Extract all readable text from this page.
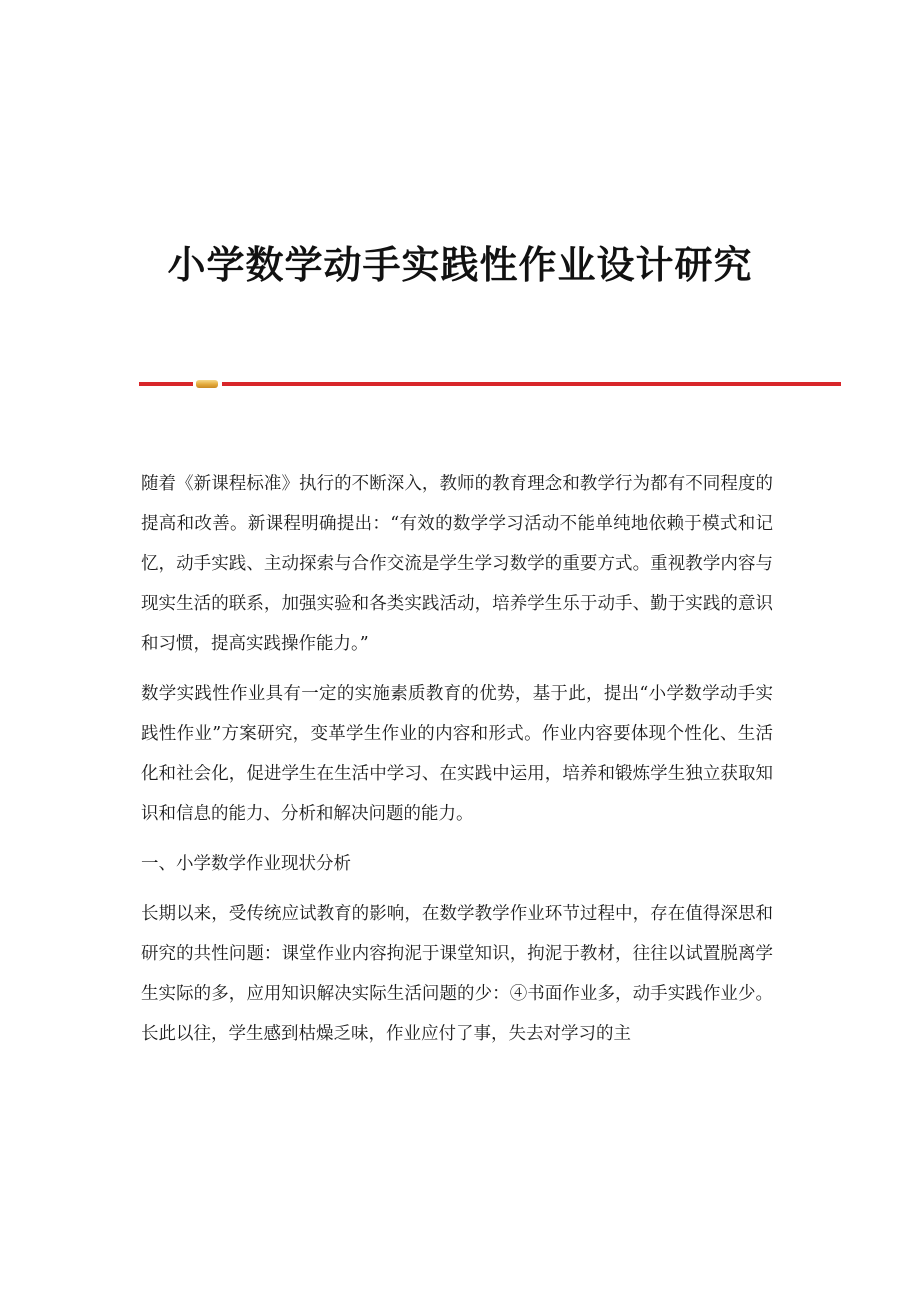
小学数学动手实践性作业设计研究

随着《新课程标准》执行的不断深入，教师的教育理念和教学行为都有不同程度的提高和改善。新课程明确提出：“有效的数学学习活动不能单纯地依赖于模式和记忆，动手实践、主动探索与合作交流是学生学习数学的重要方式。重视教学内容与现实生活的联系，加强实验和各类实践活动，培养学生乐于动手、勤于实践的意识和习惯，提高实践操作能力。”

数学实践性作业具有一定的实施素质教育的优势，基于此，提出“小学数学动手实践性作业”方案研究，变革学生作业的内容和形式。作业内容要体现个性化、生活化和社会化，促进学生在生活中学习、在实践中运用，培养和锻炼学生独立获取知识和信息的能力、分析和解决问题的能力。

一、小学数学作业现状分析

长期以来，受传统应试教育的影响，在数学教学作业环节过程中，存在值得深思和研究的共性问题：课堂作业内容拘泥于课堂知识，拘泥于教材，往往以试置脱离学生实际的多，应用知识解决实际生活问题的少：④书面作业多，动手实践作业少。长此以往，学生感到枯燥乏味，作业应付了事，失去对学习的主
